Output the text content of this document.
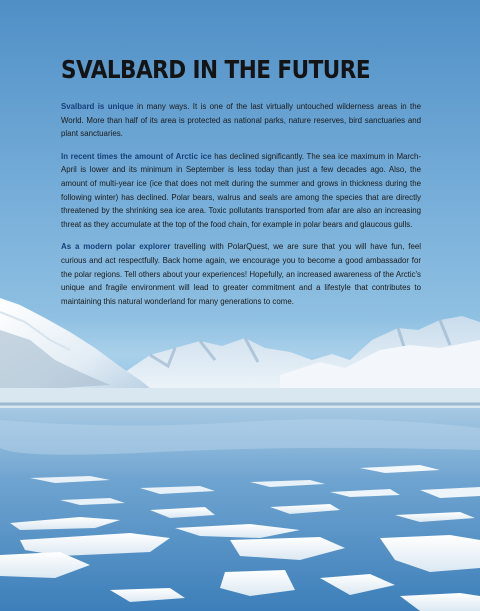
SVALBARD IN THE FUTURE

Svalbard is unique in many ways. It is one of the last virtually untouched wilderness areas in the World. More than half of its area is protected as national parks, nature reserves, bird sanctuaries and plant sanctuaries.

In recent times the amount of Arctic ice has declined significantly. The sea ice maximum in March-April is lower and its minimum in September is less today than just a few decades ago. Also, the amount of multi-year ice (ice that does not melt during the summer and grows in thickness during the following winter) has declined. Polar bears, walrus and seals are among the species that are directly threatened by the shrinking sea ice area. Toxic pollutants transported from afar are also an increasing threat as they accumulate at the top of the food chain, for example in polar bears and glaucous gulls.

As a modern polar explorer travelling with PolarQuest, we are sure that you will have fun, feel curious and act respectfully. Back home again, we encourage you to become a good ambassador for the polar regions. Tell others about your experiences! Hopefully, an increased awareness of the Arctic's unique and fragile environment will lead to greater commitment and a lifestyle that contributes to maintaining this natural wonderland for many generations to come.
